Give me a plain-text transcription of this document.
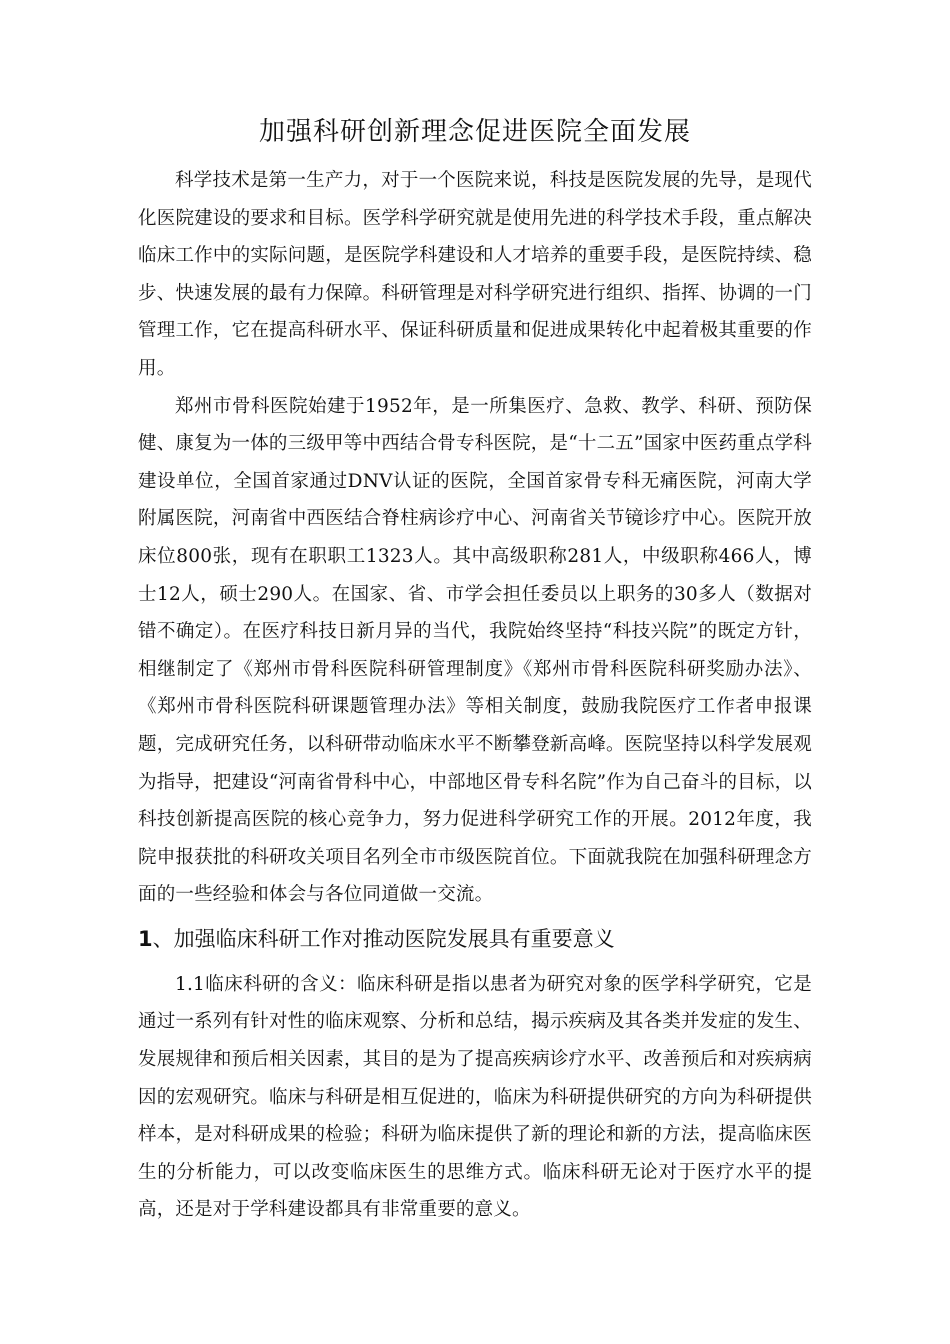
加强科研创新理念促进医院全面发展

科学技术是第一生产力，对于一个医院来说，科技是医院发展的先导，是现代化医院建设的要求和目标。医学科学研究就是使用先进的科学技术手段，重点解决临床工作中的实际问题，是医院学科建设和人才培养的重要手段，是医院持续、稳步、快速发展的最有力保障。科研管理是对科学研究进行组织、指挥、协调的一门管理工作，它在提高科研水平、保证科研质量和促进成果转化中起着极其重要的作用。

郑州市骨科医院始建于1952年，是一所集医疗、急救、教学、科研、预防保健、康复为一体的三级甲等中西结合骨专科医院，是“十二五”国家中医药重点学科建设单位，全国首家通过DNV认证的医院，全国首家骨专科无痛医院，河南大学附属医院，河南省中西医结合脊柱病诊疗中心、河南省关节镜诊疗中心。医院开放床位800张，现有在职职工1323人。其中高级职称281人，中级职称466人，博士12人，硕士290人。在国家、省、市学会担任委员以上职务的30多人（数据对错不确定）。在医疗科技日新月异的当代，我院始终坚持“科技兴院”的既定方针，相继制定了《郑州市骨科医院科研管理制度》《郑州市骨科医院科研奖励办法》、《郑州市骨科医院科研课题管理办法》等相关制度，鼓励我院医疗工作者申报课题，完成研究任务，以科研带动临床水平不断攀登新高峰。医院坚持以科学发展观为指导，把建设“河南省骨科中心，中部地区骨专科名院”作为自己奋斗的目标，以科技创新提高医院的核心竞争力，努力促进科学研究工作的开展。2012年度，我院申报获批的科研攻关项目名列全市市级医院首位。下面就我院在加强科研理念方面的一些经验和体会与各位同道做一交流。

1、加强临床科研工作对推动医院发展具有重要意义

1.1临床科研的含义：临床科研是指以患者为研究对象的医学科学研究，它是通过一系列有针对性的临床观察、分析和总结，揭示疾病及其各类并发症的发生、发展规律和预后相关因素，其目的是为了提高疾病诊疗水平、改善预后和对疾病病因的宏观研究。临床与科研是相互促进的，临床为科研提供研究的方向为科研提供样本，是对科研成果的检验；科研为临床提供了新的理论和新的方法，提高临床医生的分析能力，可以改变临床医生的思维方式。临床科研无论对于医疗水平的提高，还是对于学科建设都具有非常重要的意义。
